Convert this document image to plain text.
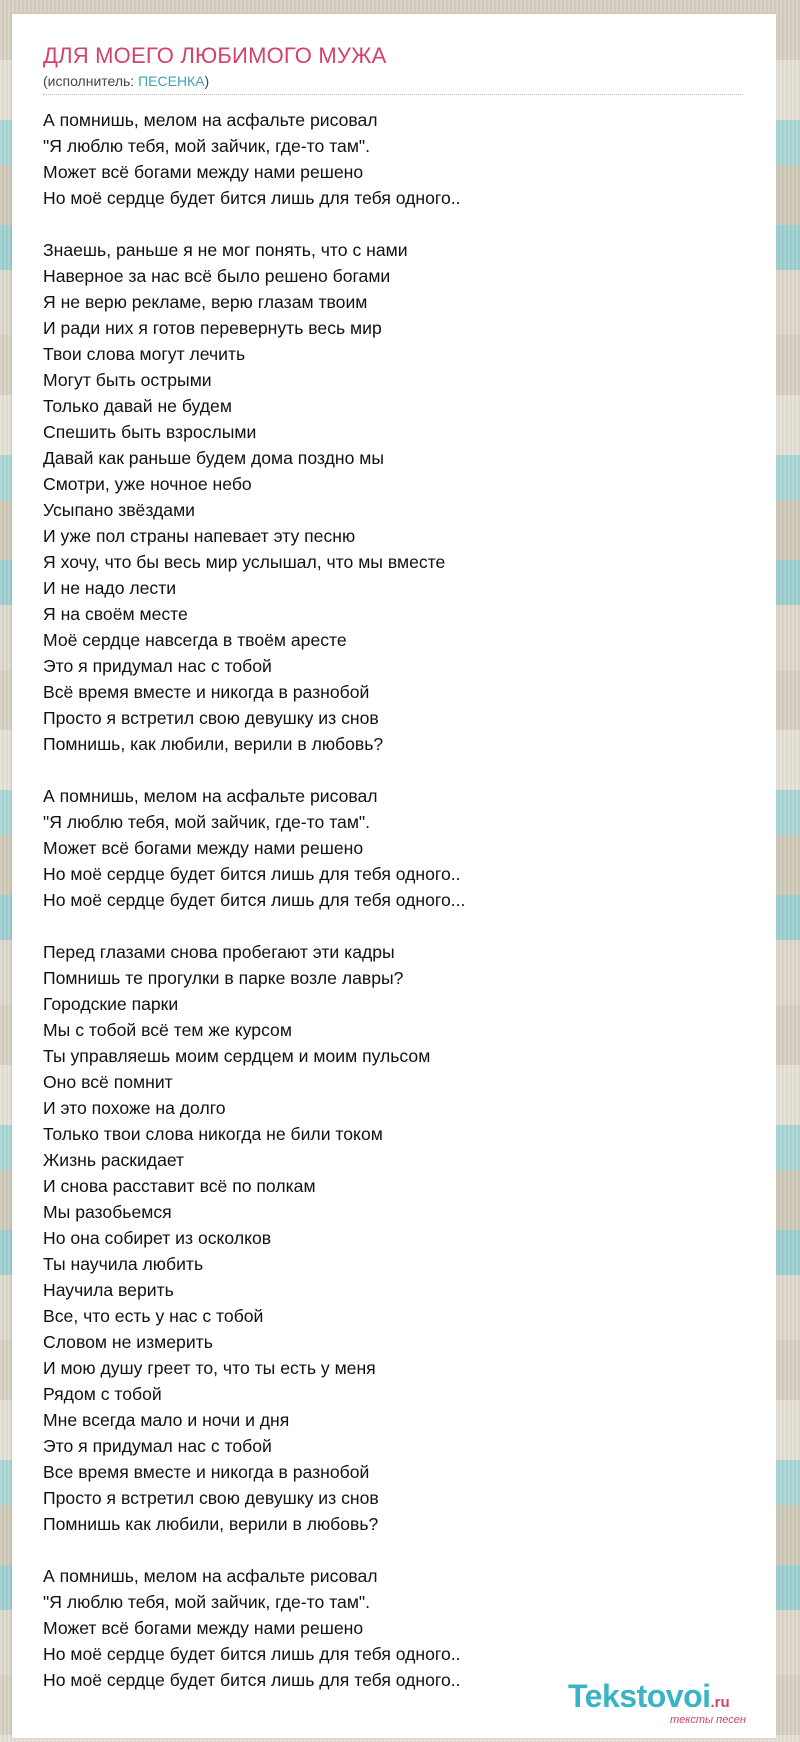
ДЛЯ МОЕГО ЛЮБИМОГО МУЖА
(исполнитель: ПЕСЕНКА)
А помнишь, мелом на асфальте рисовал
"Я люблю тебя, мой зайчик, где-то там".
Может всё богами между нами решено
Но моё сердце будет бится лишь для тебя одного..
Знаешь, раньше я не мог понять, что с нами
Наверное за нас всё было решено богами
Я не верю рекламе, верю глазам твоим
И ради них я готов перевернуть весь мир
Твои слова могут лечить
Могут быть острыми
Только давай не будем
Спешить быть взрослыми
Давай как раньше будем дома поздно мы
Смотри, уже ночное небо
Усыпано звёздами
И уже пол страны напевает эту песню
Я хочу, что бы весь мир услышал, что мы вместе
И не надо лести
Я на своём месте
Моё сердце навсегда в твоём аресте
Это я придумал нас с тобой
Всё время вместе и никогда в разнобой
Просто я встретил свою девушку из снов
Помнишь, как любили, верили в любовь?
А помнишь, мелом на асфальте рисовал
"Я люблю тебя, мой зайчик, где-то там".
Может всё богами между нами решено
Но моё сердце будет бится лишь для тебя одного..
Но моё сердце будет бится лишь для тебя одного...
Перед глазами снова пробегают эти кадры
Помнишь те прогулки в парке возле лавры?
Городские парки
Мы с тобой всё тем же курсом
Ты управляешь моим сердцем и моим пульсом
Оно всё помнит
И это похоже на долго
Только твои слова никогда не били током
Жизнь раскидает
И снова расставит всё по полкам
Мы разобьемся
Но она собирет из осколков
Ты научила любить
Научила верить
Все, что есть у нас с тобой
Словом не измерить
И мою душу греет то, что ты есть у меня
Рядом с тобой
Мне всегда мало и ночи и дня
Это я придумал нас с тобой
Все время вместе и никогда в разнобой
Просто я встретил свою девушку из снов
Помнишь как любили, верили в любовь?
А помнишь, мелом на асфальте рисовал
"Я люблю тебя, мой зайчик, где-то там".
Может всё богами между нами решено
Но моё сердце будет бится лишь для тебя одного..
Но моё сердце будет бится лишь для тебя одного..	Tekstovoi.ru
тексты песен
